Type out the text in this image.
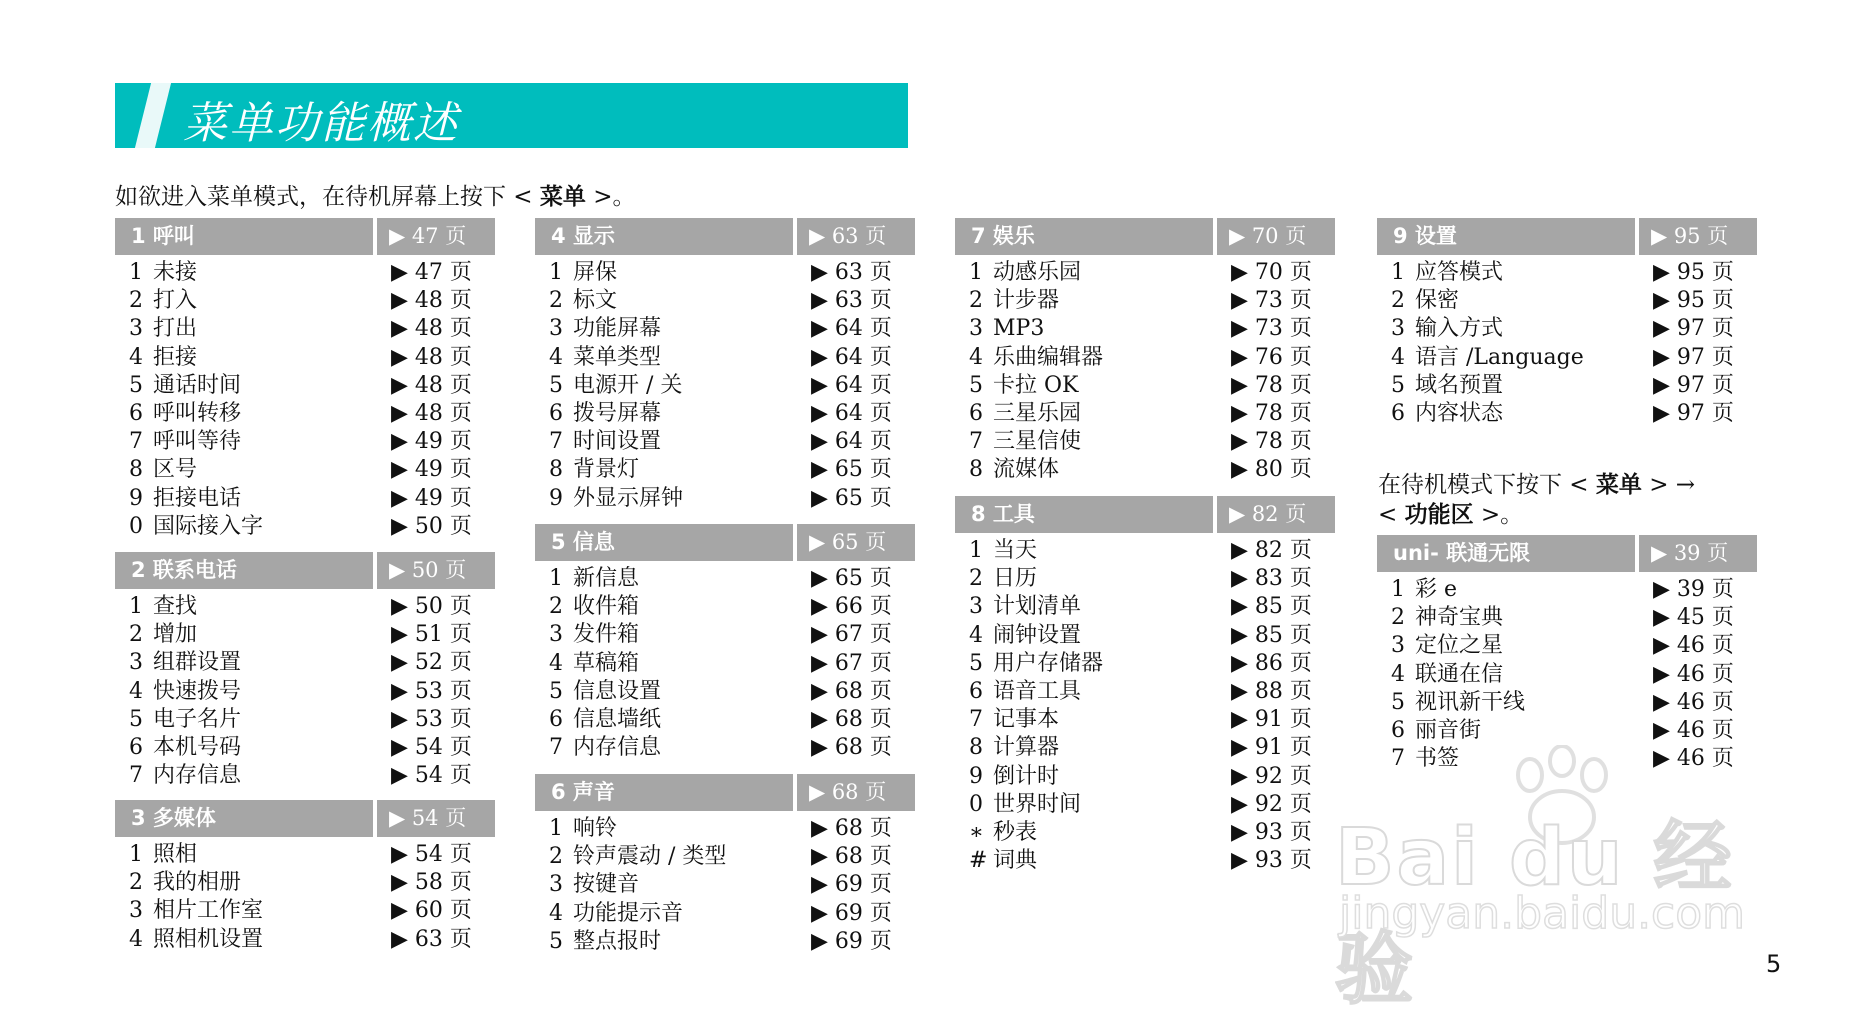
菜单功能概述
如欲进入菜单模式，在待机屏幕上按下 < 菜单 >。
1 呼叫	▶ 47 页
1 未接	▶ 47 页
2 打入	▶ 48 页
3 打出	▶ 48 页
4 拒接	▶ 48 页
5 通话时间	▶ 48 页
6 呼叫转移	▶ 48 页
7 呼叫等待	▶ 49 页
8 区号	▶ 49 页
9 拒接电话	▶ 49 页
0 国际接入字	▶ 50 页
2 联系电话	▶ 50 页
1 查找	▶ 50 页
2 增加	▶ 51 页
3 组群设置	▶ 52 页
4 快速拨号	▶ 53 页
5 电子名片	▶ 53 页
6 本机号码	▶ 54 页
7 内存信息	▶ 54 页
3 多媒体	▶ 54 页
1 照相	▶ 54 页
2 我的相册	▶ 58 页
3 相片工作室	▶ 60 页
4 照相机设置	▶ 63 页
4 显示	▶ 63 页
1 屏保	▶ 63 页
2 标文	▶ 63 页
3 功能屏幕	▶ 64 页
4 菜单类型	▶ 64 页
5 电源开 / 关	▶ 64 页
6 拨号屏幕	▶ 64 页
7 时间设置	▶ 64 页
8 背景灯	▶ 65 页
9 外显示屏钟	▶ 65 页
5 信息	▶ 65 页
1 新信息	▶ 65 页
2 收件箱	▶ 66 页
3 发件箱	▶ 67 页
4 草稿箱	▶ 67 页
5 信息设置	▶ 68 页
6 信息墙纸	▶ 68 页
7 内存信息	▶ 68 页
6 声音	▶ 68 页
1 响铃	▶ 68 页
2 铃声震动 / 类型	▶ 68 页
3 按键音	▶ 69 页
4 功能提示音	▶ 69 页
5 整点报时	▶ 69 页
7 娱乐	▶ 70 页
1 动感乐园	▶ 70 页
2 计步器	▶ 73 页
3 MP3	▶ 73 页
4 乐曲编辑器	▶ 76 页
5 卡拉 OK	▶ 78 页
6 三星乐园	▶ 78 页
7 三星信使	▶ 78 页
8 流媒体	▶ 80 页
8 工具	▶ 82 页
1 当天	▶ 82 页
2 日历	▶ 83 页
3 计划清单	▶ 85 页
4 闹钟设置	▶ 85 页
5 用户存储器	▶ 86 页
6 语音工具	▶ 88 页
7 记事本	▶ 91 页
8 计算器	▶ 91 页
9 倒计时	▶ 92 页
0 世界时间	▶ 92 页
∗ 秒表	▶ 93 页
# 词典	▶ 93 页
9 设置	▶ 95 页
1 应答模式	▶ 95 页
2 保密	▶ 95 页
3 输入方式	▶ 97 页
4 语言 /Language	▶ 97 页
5 域名预置	▶ 97 页
6 内容状态	▶ 97 页
uni- 联通无限	▶ 39 页
1 彩 e	▶ 39 页
2 神奇宝典	▶ 45 页
3 定位之星	▶ 46 页
4 联通在信	▶ 46 页
5 视讯新干线	▶ 46 页
6 丽音街	▶ 46 页
7 书签	▶ 46 页
在待机模式下按下 < 菜单 > →
< 功能区 >。
Bai du 经验
jingyan.baidu.com
5
